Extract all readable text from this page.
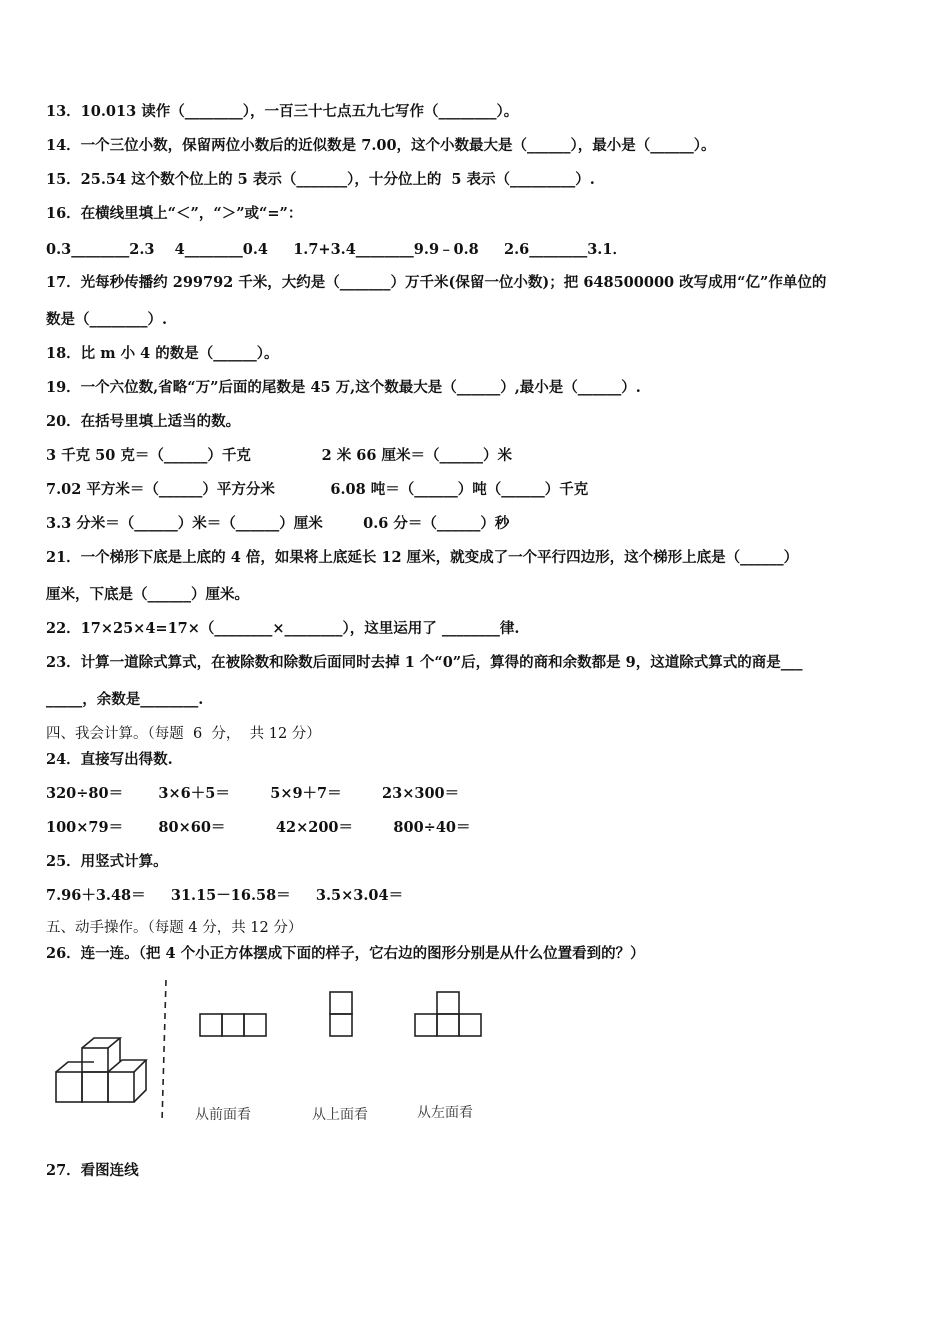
13．10.013 读作（________），一百三十七点五九七写作（________）。
14．一个三位小数，保留两位小数后的近似数是 7.00，这个小数最大是（______），最小是（______）。
15．25.54 这个数个位上的 5 表示（_______），十分位上的  5 表示（_________）.
16．在横线里填上“＜”，“＞”或“=”：
0.3________2.3    4________0.4     1.7+3.4________9.9﹣0.8     2.6________3.1．
17．光每秒传播约 299792 千米，大约是（_______）万千米(保留一位小数)；把 648500000 改写成用“亿”作单位的
数是（________）.
18．比 m 小 4 的数是（______）。
19．一个六位数,省略“万”后面的尾数是 45 万,这个数最大是（______）,最小是（______）.
20．在括号里填上适当的数。
3 千克 50 克＝（______）千克              2 米 66 厘米＝（______）米
7.02 平方米＝（______）平方分米           6.08 吨＝（______）吨（______）千克
3.3 分米＝（______）米＝（______）厘米        0.6 分＝（______）秒
21．一个梯形下底是上底的 4 倍，如果将上底延长 12 厘米，就变成了一个平行四边形，这个梯形上底是（______）
厘米，下底是（______）厘米。
22．17×25×4=17×（________×________），这里运用了 ________律.
23．计算一道除式算式，在被除数和除数后面同时去掉 1 个“0”后，算得的商和余数都是 9，这道除式算式的商是___
_____，余数是________.
四、我会计算。（每题  6  分，  共 12 分）
24．直接写出得数.
320÷80＝       3×6＋5＝        5×9＋7＝        23×300＝
100×79＝       80×60＝          42×200＝        800÷40＝
25．用竖式计算。
7.96＋3.48＝     31.15－16.58＝     3.5×3.04＝
五、动手操作。（每题 4 分，共 12 分）
26．连一连。（把 4 个小正方体摆成下面的样子，它右边的图形分别是从什么位置看到的？）
从前面看	从上面看	从左面看
27．看图连线
